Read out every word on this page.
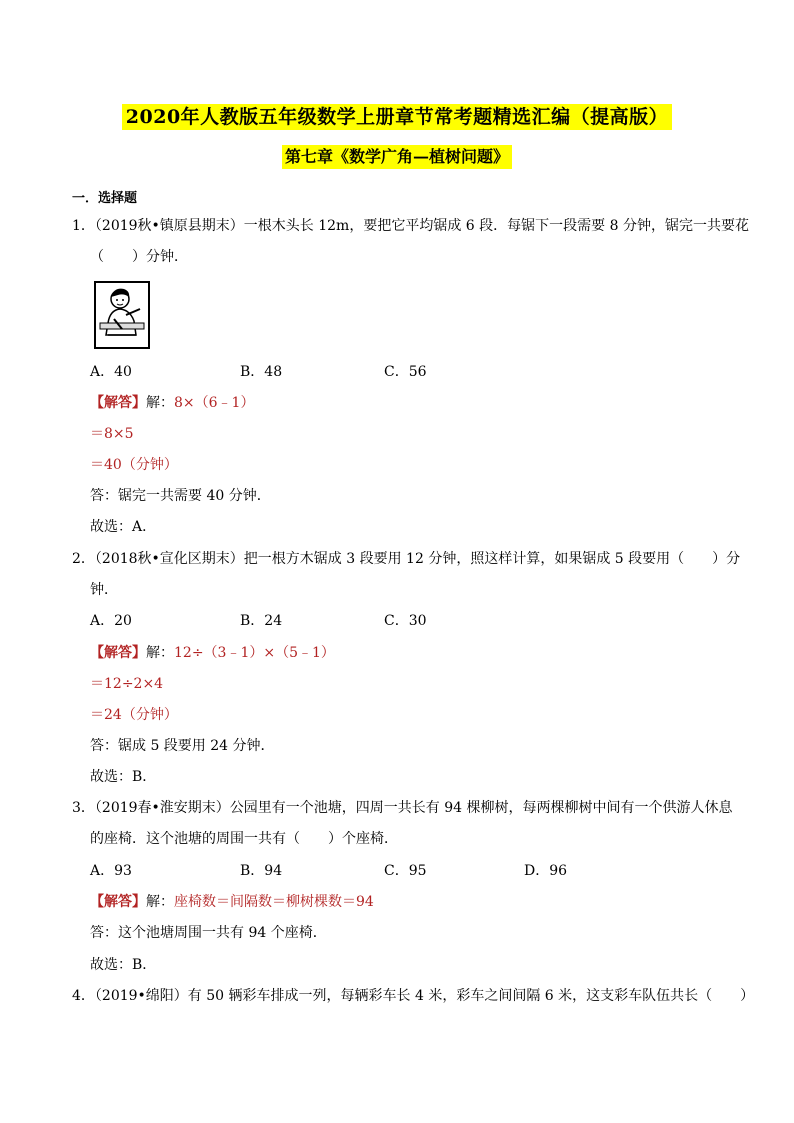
2020年人教版五年级数学上册章节常考题精选汇编（提高版）
第七章《数学广角—植树问题》
一．选择题
1．（2019秋•镇原县期末）一根木头长 12m，要把它平均锯成 6 段．每锯下一段需要 8 分钟，锯完一共要花
（　　）分钟．
A．40	B．48	C．56
【解答】解：8×（6﹣1）
＝8×5
＝40（分钟）
答：锯完一共需要 40 分钟．
故选：A．
2．（2018秋•宣化区期末）把一根方木锯成 3 段要用 12 分钟，照这样计算，如果锯成 5 段要用（　　）分
钟．
A．20	B．24	C．30
【解答】解：12÷（3﹣1）×（5﹣1）
＝12÷2×4
＝24（分钟）
答：锯成 5 段要用 24 分钟．
故选：B．
3．（2019春•淮安期末）公园里有一个池塘，四周一共长有 94 棵柳树，每两棵柳树中间有一个供游人休息
的座椅．这个池塘的周围一共有（　　）个座椅．
A．93	B．94	C．95	D．96
【解答】解：座椅数＝间隔数＝柳树棵数＝94
答：这个池塘周围一共有 94 个座椅．
故选：B．
4．（2019•绵阳）有 50 辆彩车排成一列，每辆彩车长 4 米，彩车之间间隔 6 米，这支彩车队伍共长（　　）
